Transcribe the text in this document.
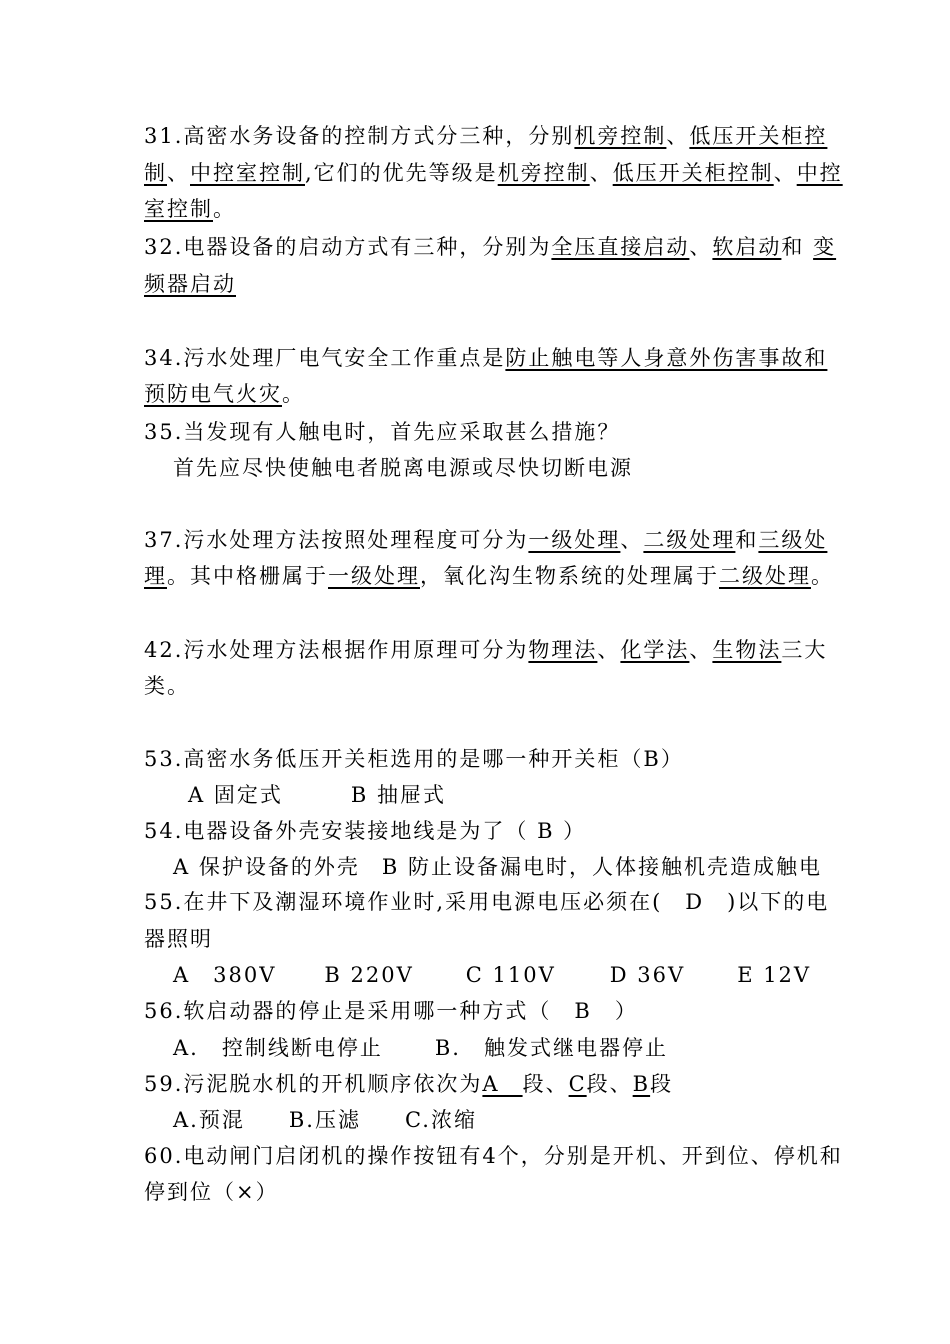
31.高密水务设备的控制方式分三种，分别机旁控制、低压开关柜控
制、中控室控制,它们的优先等级是机旁控制、低压开关柜控制、中控
室控制。
32.电器设备的启动方式有三种，分别为全压直接启动、软启动和 变
频器启动
34.污水处理厂电气安全工作重点是防止触电等人身意外伤害事故和
预防电气火灾。
35.当发现有人触电时，首先应采取甚么措施？
首先应尽快使触电者脱离电源或尽快切断电源
37.污水处理方法按照处理程度可分为一级处理、二级处理和三级处
理。其中格栅属于一级处理，氧化沟生物系统的处理属于二级处理。
42.污水处理方法根据作用原理可分为物理法、化学法、生物法三大
类。
53.高密水务低压开关柜选用的是哪一种开关柜（B）
A 固定式	B 抽屉式
54.电器设备外壳安装接地线是为了（ B ）
A 保护设备的外壳 B 防止设备漏电时，人体接触机壳造成触电
55.在井下及潮湿环境作业时,采用电源电压必须在(　D　)以下的电
器照明
A　380V B 220V C 110V	D 36V E 12V
56.软启动器的停止是采用哪一种方式（　B　）
A.　控制线断电停止 B.　触发式继电器停止
59.污泥脱水机的开机顺序依次为A　段、C段、B段
A.预混 B.压滤 C.浓缩
60.电动闸门启闭机的操作按钮有4个，分别是开机、开到位、停机和
停到位（×）
